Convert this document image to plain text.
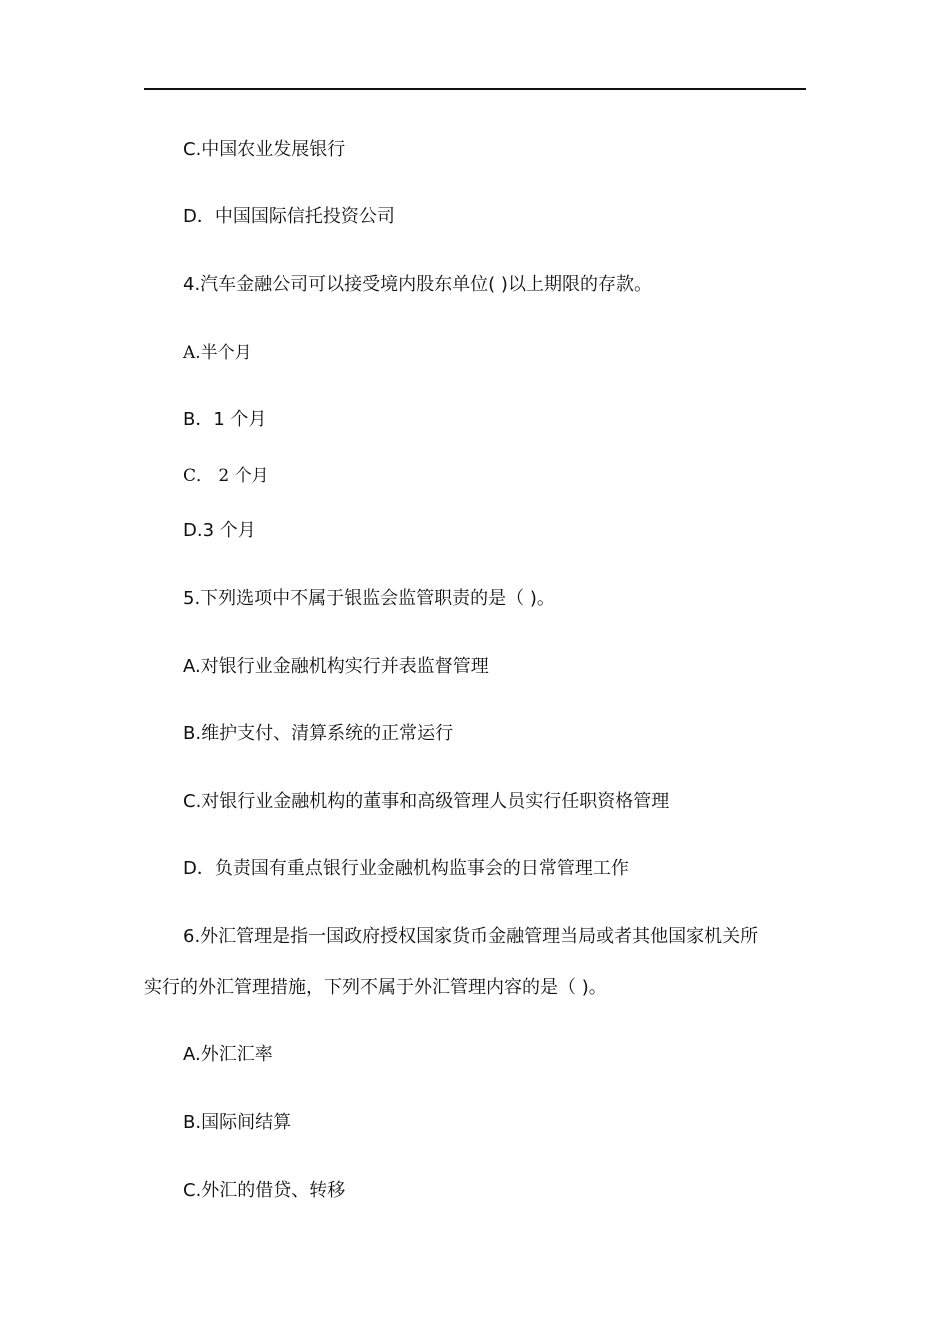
C.中国农业发展银行
D．中国国际信托投资公司
4.汽车金融公司可以接受境内股东单位( )以上期限的存款。
A.半个月
B．1 个月
C． 2 个月
D.3 个月
5.下列选项中不属于银监会监管职责的是（ )。
A.对银行业金融机构实行并表监督管理
B.维护支付、清算系统的正常运行
C.对银行业金融机构的董事和高级管理人员实行任职资格管理
D．负责国有重点银行业金融机构监事会的日常管理工作
6.外汇管理是指一国政府授权国家货币金融管理当局或者其他国家机关所
实行的外汇管理措施，下列不属于外汇管理内容的是（ )。
A.外汇汇率
B.国际间结算
C.外汇的借贷、转移
